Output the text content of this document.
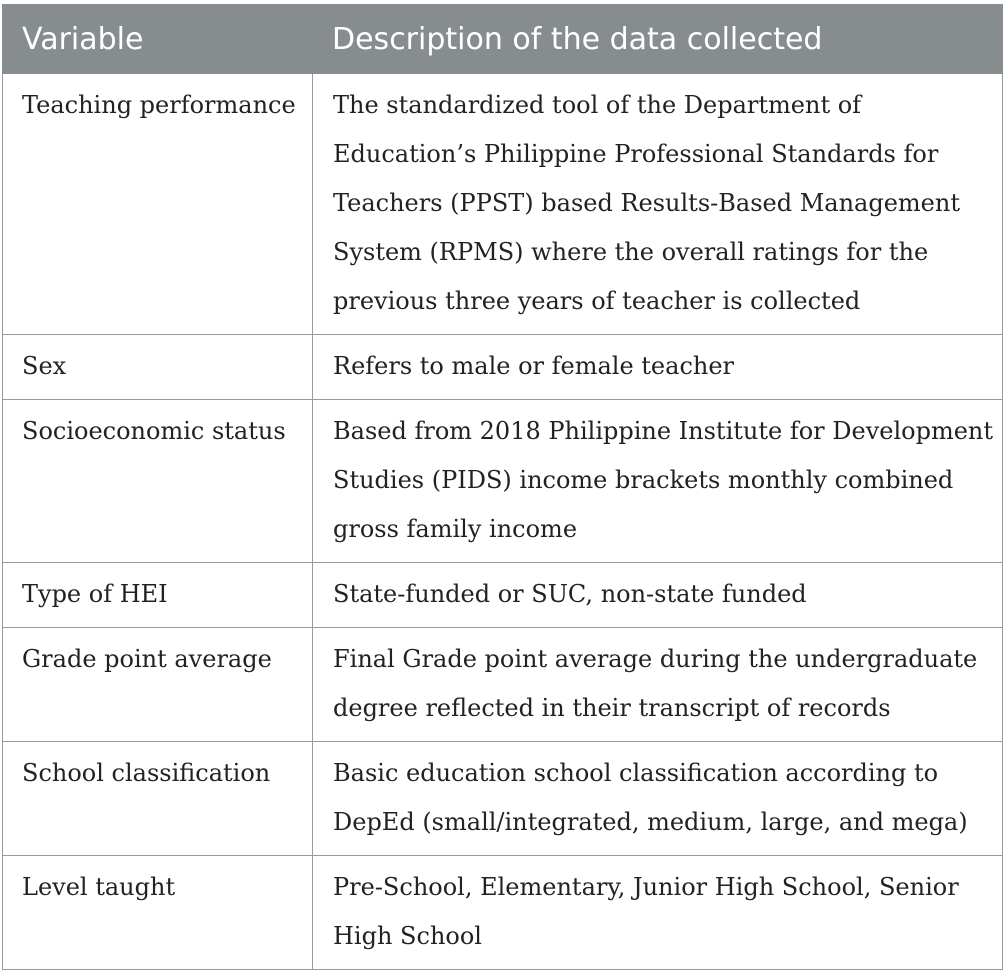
Variable	Description of the data collected
Teaching performance	The standardized tool of the Department of Education’s Philippine Professional Standards for Teachers (PPST) based Results-Based Management System (RPMS) where the overall ratings for the previous three years of teacher is collected
Sex	Refers to male or female teacher
Socioeconomic status	Based from 2018 Philippine Institute for Development Studies (PIDS) income brackets monthly combined gross family income
Type of HEI	State-funded or SUC, non-state funded
Grade point average	Final Grade point average during the undergraduate degree reflected in their transcript of records
School classification	Basic education school classification according to DepEd (small/integrated, medium, large, and mega)
Level taught	Pre-School, Elementary, Junior High School, Senior High School
